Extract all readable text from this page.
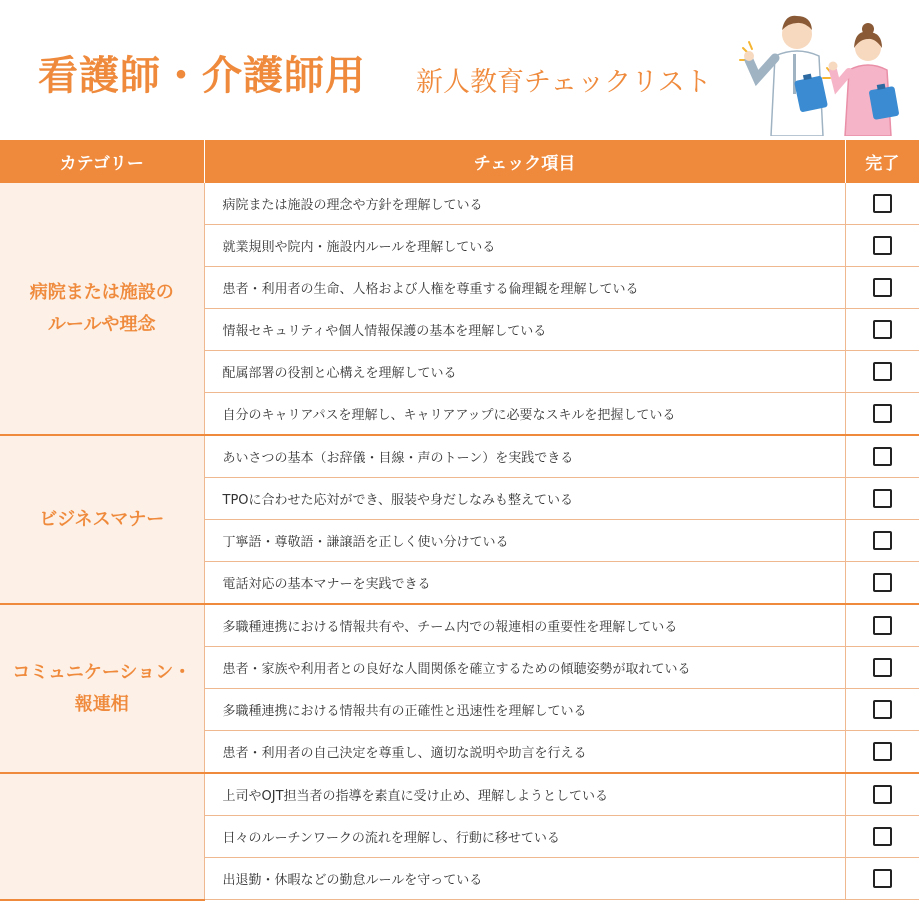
看護師・介護師用 新人教育チェックリスト
カテゴリー	チェック項目	完了
病院または施設の
ルールや理念	病院または施設の理念や方針を理解している	
	就業規則や院内・施設内ルールを理解している	
	患者・利用者の生命、人格および人権を尊重する倫理観を理解している	
	情報セキュリティや個人情報保護の基本を理解している	
	配属部署の役割と心構えを理解している	
	自分のキャリアパスを理解し、キャリアアップに必要なスキルを把握している	
ビジネスマナー	あいさつの基本（お辞儀・目線・声のトーン）を実践できる	
	TPOに合わせた応対ができ、服装や身だしなみも整えている	
	丁寧語・尊敬語・謙譲語を正しく使い分けている	
	電話対応の基本マナーを実践できる	
コミュニケーション・
報連相	多職種連携における情報共有や、チーム内での報連相の重要性を理解している	
	患者・家族や利用者との良好な人間関係を確立するための傾聴姿勢が取れている	
	多職種連携における情報共有の正確性と迅速性を理解している	
	患者・利用者の自己決定を尊重し、適切な説明や助言を行える	
	上司やOJT担当者の指導を素直に受け止め、理解しようとしている	
	日々のルーチンワークの流れを理解し、行動に移せている	
	出退勤・休暇などの勤怠ルールを守っている	
